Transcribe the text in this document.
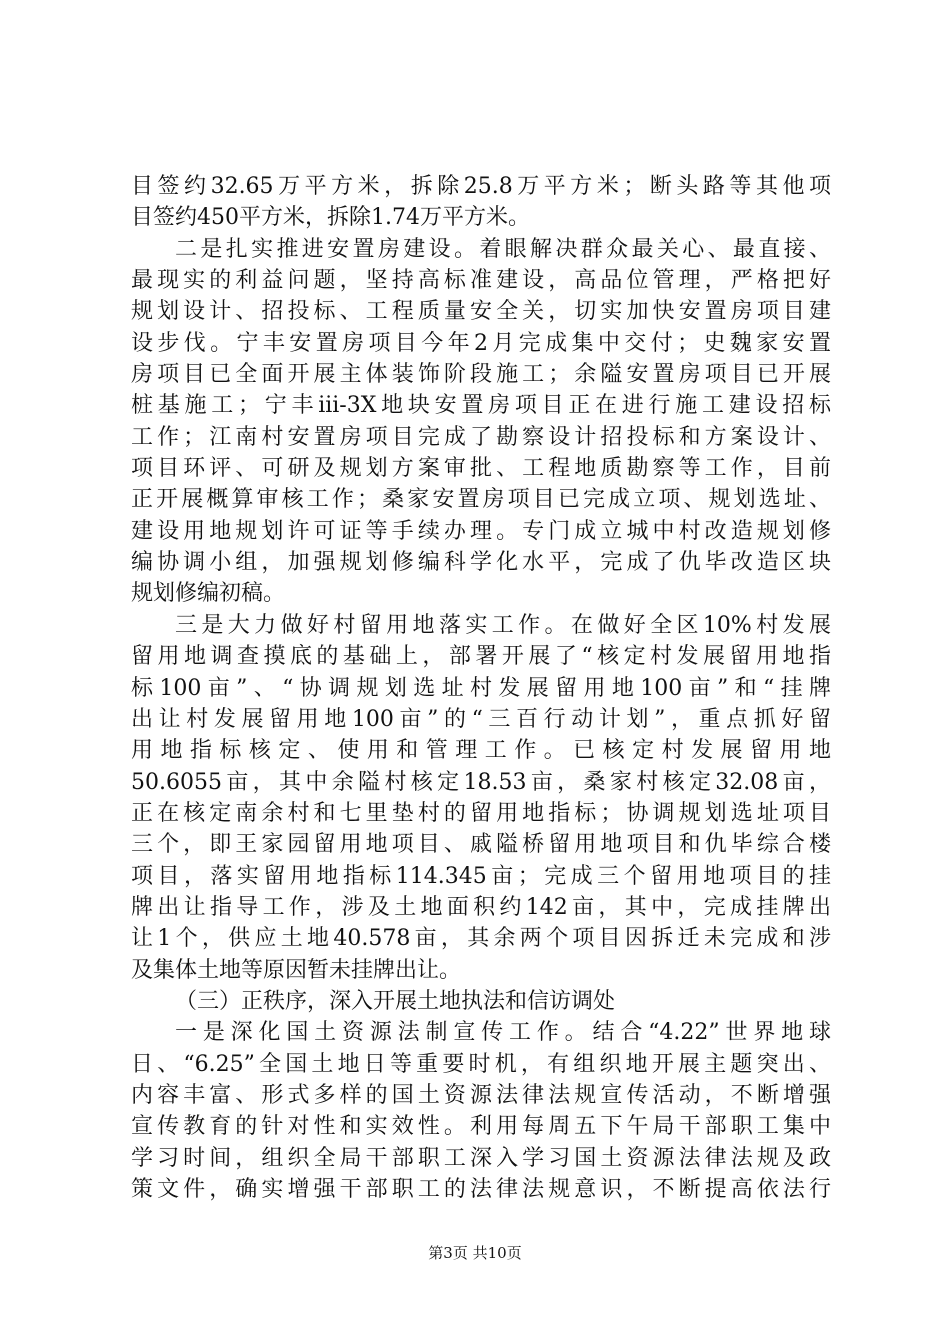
目签约32.65万平方米，拆除25.8万平方米；断头路等其他项
目签约450平方米，拆除1.74万平方米。
二是扎实推进安置房建设。着眼解决群众最关心、最直接、
最现实的利益问题，坚持高标准建设，高品位管理，严格把好
规划设计、招投标、工程质量安全关，切实加快安置房项目建
设步伐。宁丰安置房项目今年2月完成集中交付；史魏家安置
房项目已全面开展主体装饰阶段施工；余隘安置房项目已开展
桩基施工；宁丰iii-3X地块安置房项目正在进行施工建设招标
工作；江南村安置房项目完成了勘察设计招投标和方案设计、
项目环评、可研及规划方案审批、工程地质勘察等工作，目前
正开展概算审核工作；桑家安置房项目已完成立项、规划选址、
建设用地规划许可证等手续办理。专门成立城中村改造规划修
编协调小组，加强规划修编科学化水平，完成了仇毕改造区块
规划修编初稿。
三是大力做好村留用地落实工作。在做好全区10%村发展
留用地调查摸底的基础上，部署开展了“核定村发展留用地指
标100亩”、“协调规划选址村发展留用地100亩”和“挂牌
出让村发展留用地100亩”的“三百行动计划”，重点抓好留
用地指标核定、使用和管理工作。已核定村发展留用地
50.6055亩，其中余隘村核定18.53亩，桑家村核定32.08亩，
正在核定南余村和七里垫村的留用地指标；协调规划选址项目
三个，即王家园留用地项目、戚隘桥留用地项目和仇毕综合楼
项目，落实留用地指标114.345亩；完成三个留用地项目的挂
牌出让指导工作，涉及土地面积约142亩，其中，完成挂牌出
让1个，供应土地40.578亩，其余两个项目因拆迁未完成和涉
及集体土地等原因暂未挂牌出让。
（三）正秩序，深入开展土地执法和信访调处
一是深化国土资源法制宣传工作。结合“4.22”世界地球
日、“6.25”全国土地日等重要时机，有组织地开展主题突出、
内容丰富、形式多样的国土资源法律法规宣传活动，不断增强
宣传教育的针对性和实效性。利用每周五下午局干部职工集中
学习时间，组织全局干部职工深入学习国土资源法律法规及政
策文件，确实增强干部职工的法律法规意识，不断提高依法行
第3页 共10页
